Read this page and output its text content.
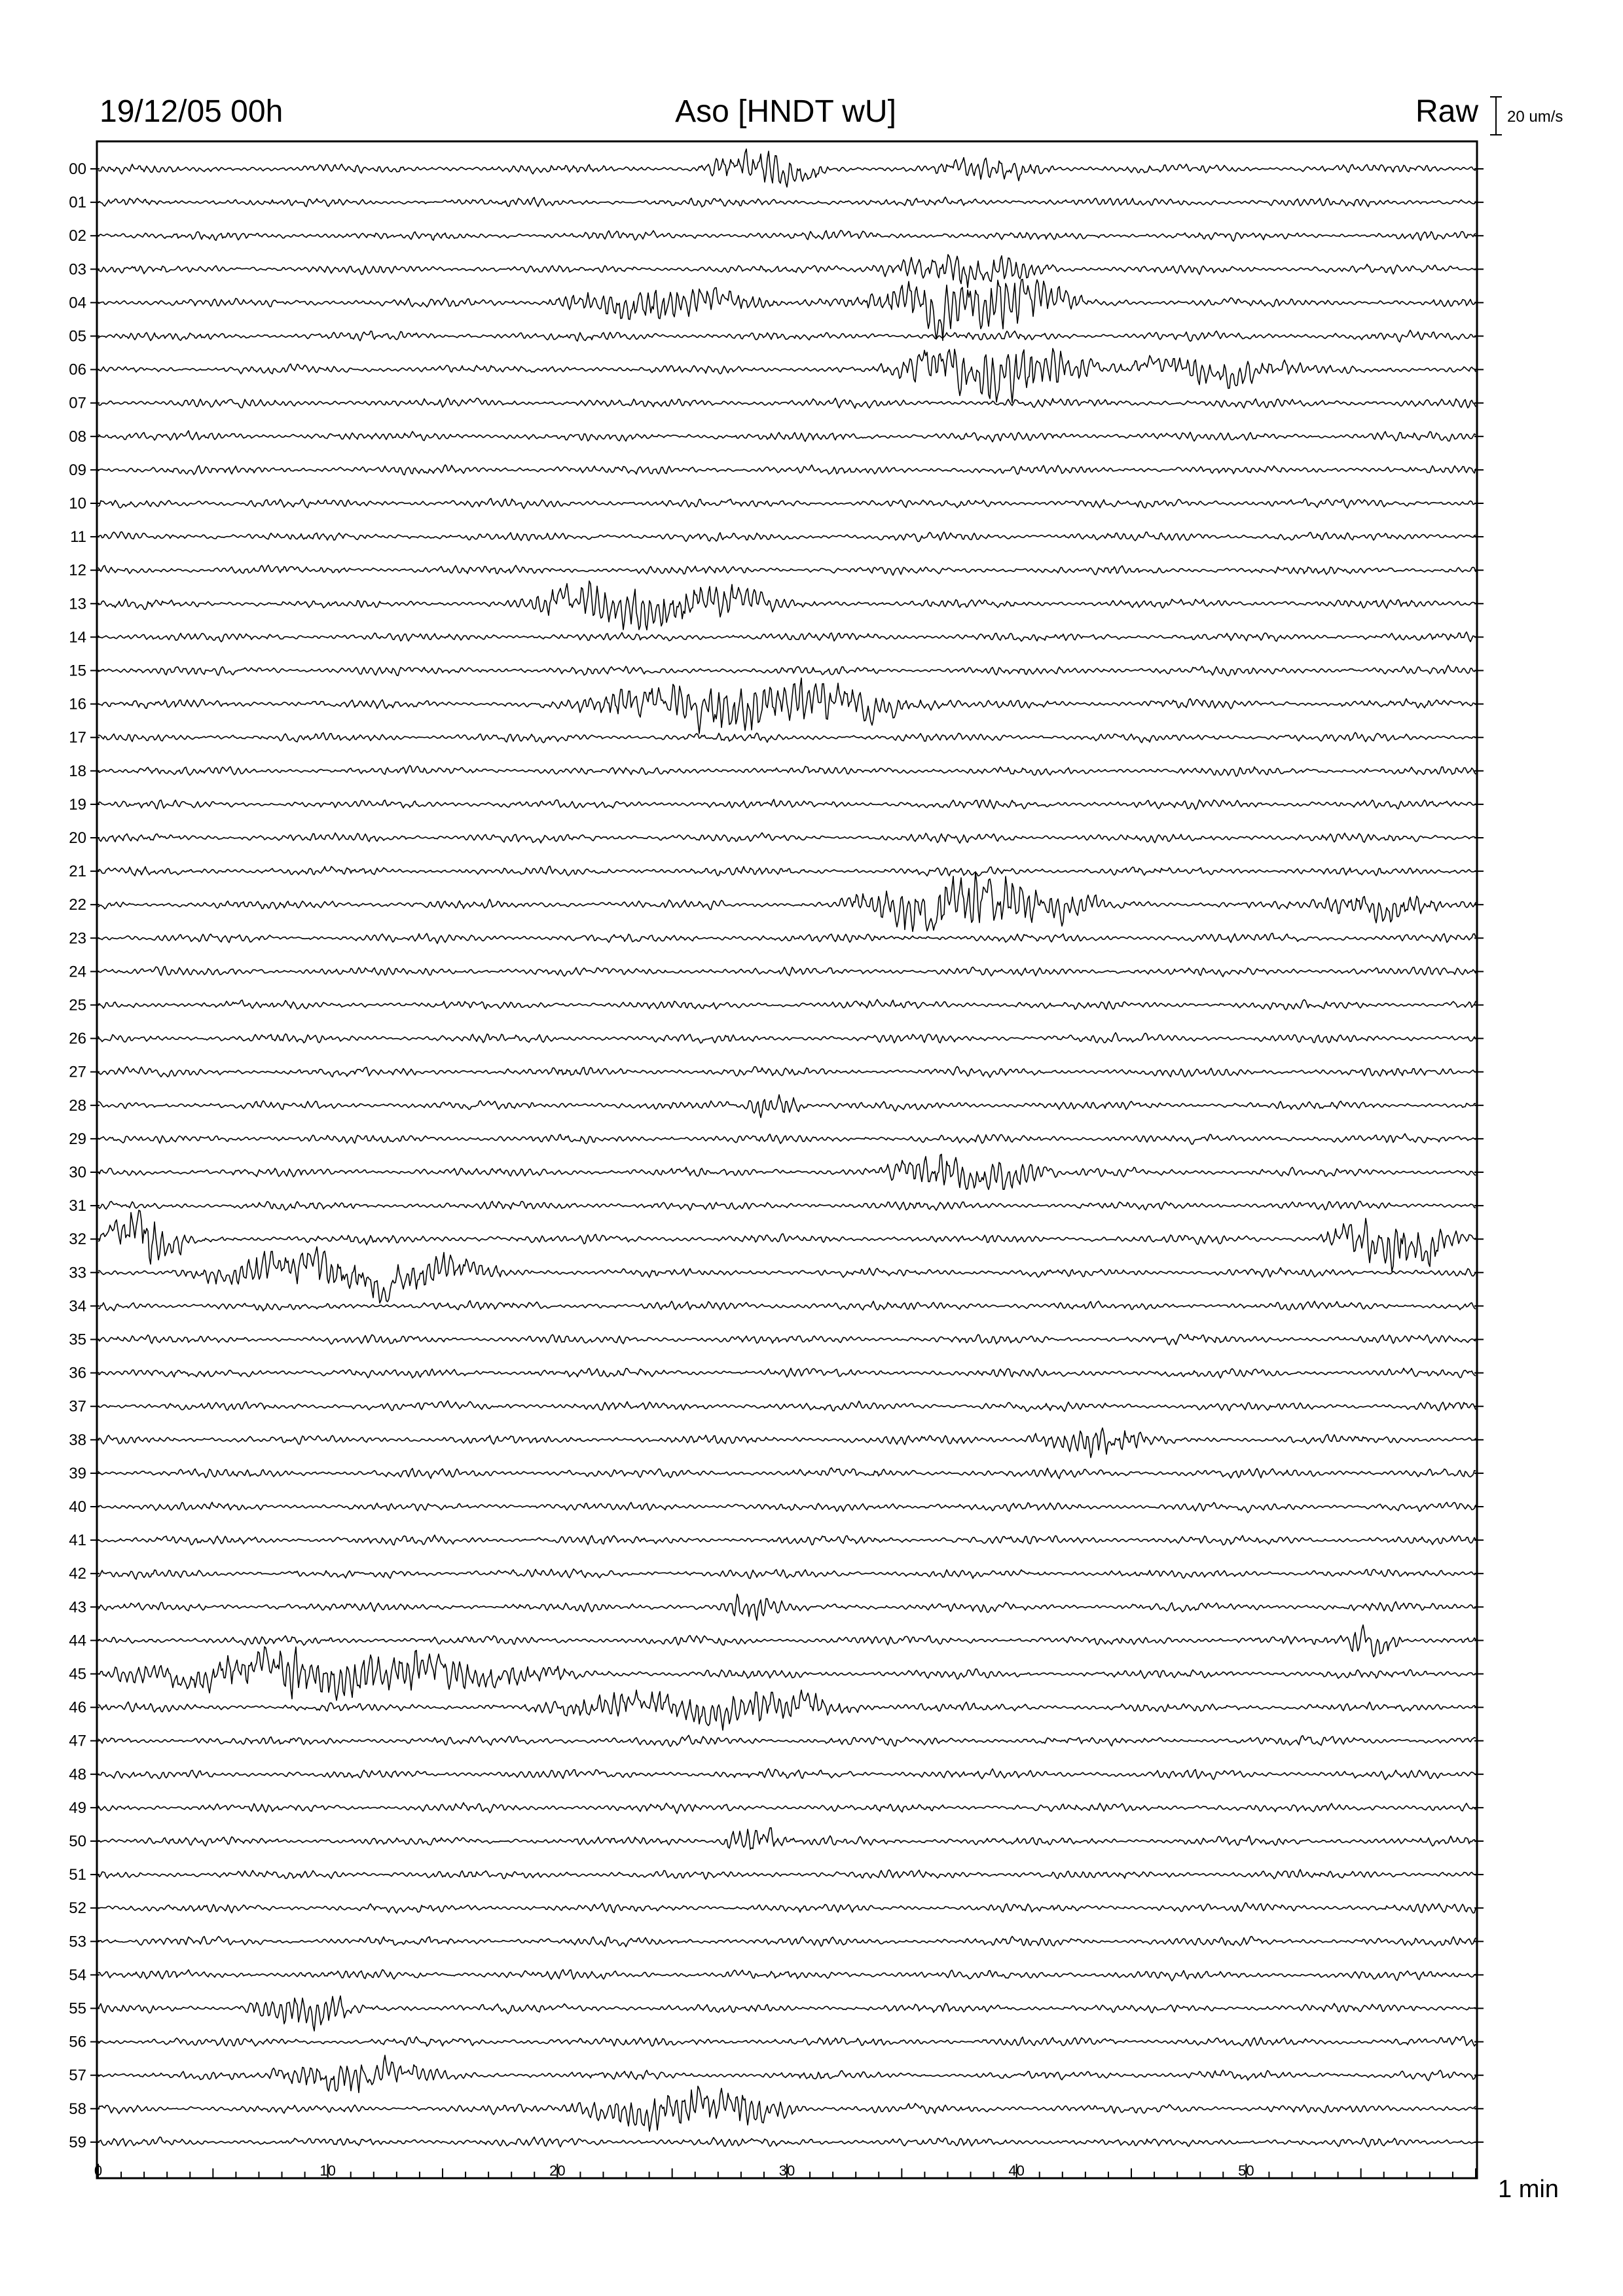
19/12/05 00h	Aso [HNDT wU]	Raw 20 um/s
00
01
02
03
04
05
06
07
08
09
10
11
12
13
14
15
16
17
18
19
20
21
22
23
24
25
26
27
28
29
30
31
32
33
34
35
36
37
38
39
40
41
42
43
44
45
46
47
48
49
50
51
52
53
54
55
56
57
58
59
0	10	20	30	40	50
1 min
